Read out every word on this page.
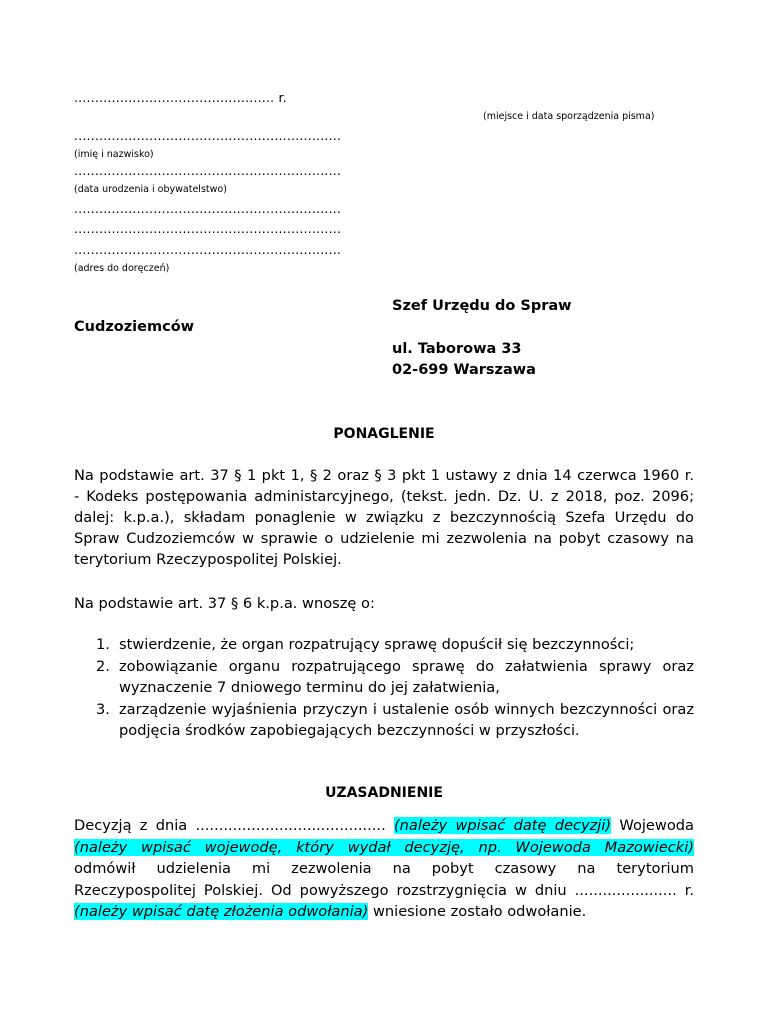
................................................ r.
(miejsce i data sporządzenia pisma)
................................................................
(imię i nazwisko)
................................................................
(data urodzenia i obywatelstwo)
................................................................
................................................................
................................................................
(adres do doręczeń)
Szef Urzędu do Spraw
Cudzoziemców
ul. Taborowa 33
02-699 Warszawa
PONAGLENIE
Na podstawie art. 37 § 1 pkt 1, § 2 oraz § 3 pkt 1 ustawy z dnia 14 czerwca 1960 r.
- Kodeks postępowania administarcyjnego, (tekst. jedn. Dz. U. z 2018, poz. 2096;
dalej: k.p.a.), składam ponaglenie w związku z bezczynnością Szefa Urzędu do
Spraw Cudzoziemców w sprawie o udzielenie mi zezwolenia na pobyt czasowy na
terytorium Rzeczypospolitej Polskiej.
Na podstawie art. 37 § 6 k.p.a. wnoszę o:
1. stwierdzenie, że organ rozpatrujący sprawę dopuścił się bezczynności;
2. zobowiązanie organu rozpatrującego sprawę do załatwienia sprawy oraz wyznaczenie 7 dniowego terminu do jej załatwienia,
3. zarządzenie wyjaśnienia przyczyn i ustalenie osób winnych bezczynności oraz podjęcia środków zapobiegających bezczynności w przyszłości.
UZASADNIENIE
Decyzją z dnia ......................................... (należy wpisać datę decyzji) Wojewoda
(należy wpisać wojewodę, który wydał decyzję, np. Wojewoda Mazowiecki)
odmówił udzielenia mi zezwolenia na pobyt czasowy na terytorium
Rzeczypospolitej Polskiej. Od powyższego rozstrzygnięcia w dniu ...................... r.
(należy wpisać datę złożenia odwołania) wniesione zostało odwołanie.
